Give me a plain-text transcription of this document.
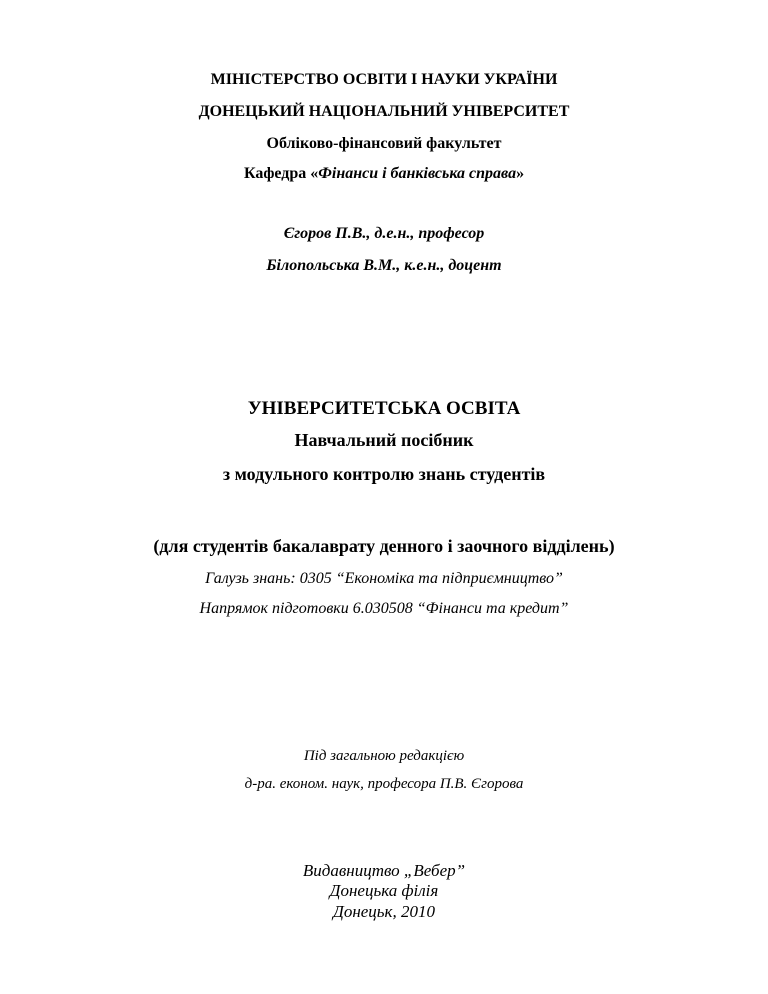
МІНІСТЕРСТВО ОСВІТИ І НАУКИ УКРАЇНИ
ДОНЕЦЬКИЙ НАЦІОНАЛЬНИЙ УНІВЕРСИТЕТ
Обліково-фінансовий факультет
Кафедра «Фінанси і банківська справа»
Єгоров П.В., д.е.н., професор
Білопольська В.М., к.е.н., доцент
УНІВЕРСИТЕТСЬКА ОСВІТА
Навчальний посібник
з модульного контролю знань студентів
(для студентів бакалаврату денного і заочного відділень)
Галузь знань: 0305 “Економіка та підприємництво”
Напрямок підготовки 6.030508 “Фінанси та кредит”
Під загальною редакцією
д-ра. економ. наук, професора П.В. Єгорова
Видавництво „Вебер”
Донецька філія
Донецьк, 2010
